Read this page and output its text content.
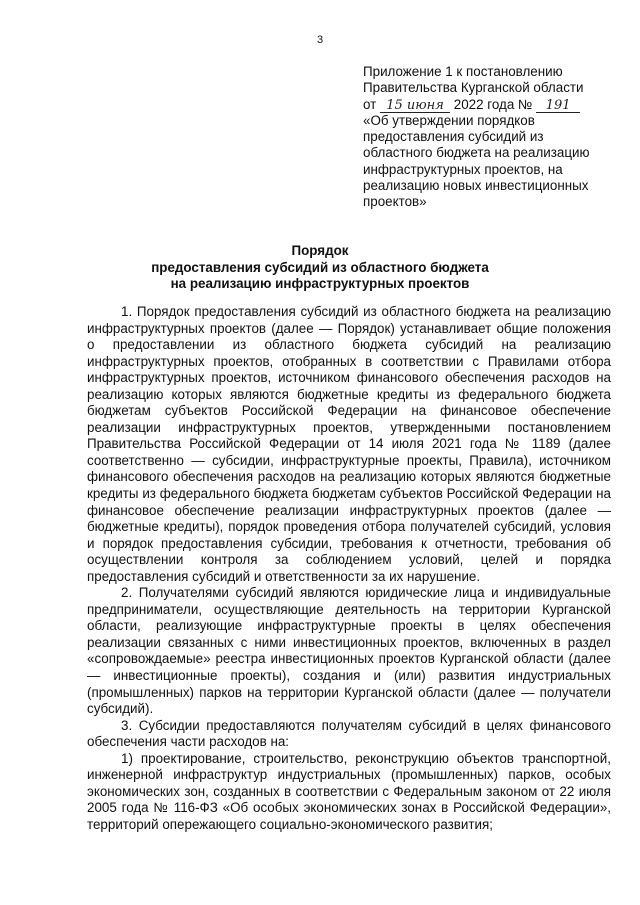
3
Приложение 1 к постановлению
Правительства Курганской области
от 15 июня 2022 года № 191
«Об утверждении порядков
предоставления субсидий из
областного бюджета на реализацию
инфраструктурных проектов, на
реализацию новых инвестиционных
проектов»
Порядок
предоставления субсидий из областного бюджета
на реализацию инфраструктурных проектов

1. Порядок предоставления субсидий из областного бюджета на реализацию инфраструктурных проектов (далее — Порядок) устанавливает общие положения о предоставлении из областного бюджета субсидий на реализацию инфраструктурных проектов, отобранных в соответствии с Правилами отбора инфраструктурных проектов, источником финансового обеспечения расходов на реализацию которых являются бюджетные кредиты из федерального бюджета бюджетам субъектов Российской Федерации на финансовое обеспечение реализации инфраструктурных проектов, утвержденными постановлением Правительства Российской Федерации от 14 июля 2021 года № 1189 (далее соответственно — субсидии, инфраструктурные проекты, Правила), источником финансового обеспечения расходов на реализацию которых являются бюджетные кредиты из федерального бюджета бюджетам субъектов Российской Федерации на финансовое обеспечение реализации инфраструктурных проектов (далее — бюджетные кредиты), порядок проведения отбора получателей субсидий, условия и порядок предоставления субсидии, требования к отчетности, требования об осуществлении контроля за соблюдением условий, целей и порядка предоставления субсидий и ответственности за их нарушение.

2. Получателями субсидий являются юридические лица и индивидуальные предприниматели, осуществляющие деятельность на территории Курганской области, реализующие инфраструктурные проекты в целях обеспечения реализации связанных с ними инвестиционных проектов, включенных в раздел «сопровождаемые» реестра инвестиционных проектов Курганской области (далее — инвестиционные проекты), создания и (или) развития индустриальных (промышленных) парков на территории Курганской области (далее — получатели субсидий).

3. Субсидии предоставляются получателям субсидий в целях финансового обеспечения части расходов на:

1) проектирование, строительство, реконструкцию объектов транспортной, инженерной инфраструктур индустриальных (промышленных) парков, особых экономических зон, созданных в соответствии с Федеральным законом от 22 июля 2005 года № 116-ФЗ «Об особых экономических зонах в Российской Федерации», территорий опережающего социально-экономического развития;
